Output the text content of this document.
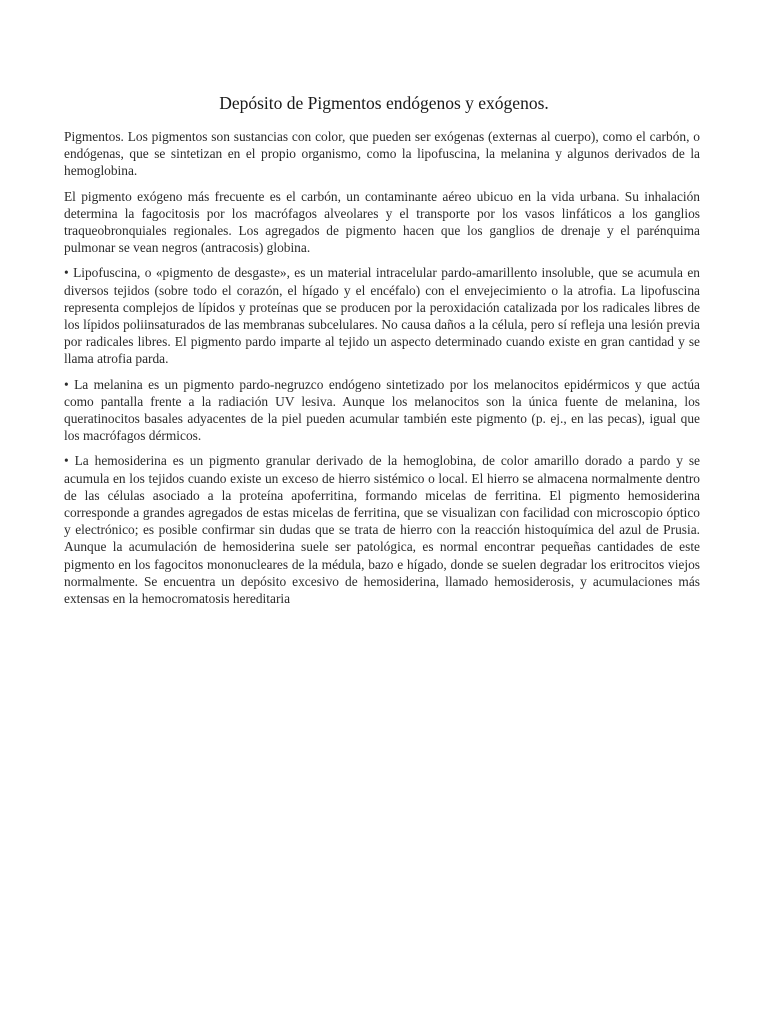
Depósito de Pigmentos endógenos y exógenos.

Pigmentos. Los pigmentos son sustancias con color, que pueden ser exógenas (externas al cuerpo), como el carbón, o endógenas, que se sintetizan en el propio organismo, como la lipofuscina, la melanina y algunos derivados de la hemoglobina.

El pigmento exógeno más frecuente es el carbón, un contaminante aéreo ubicuo en la vida urbana. Su inhalación determina la fagocitosis por los macrófagos alveolares y el transporte por los vasos linfáticos a los ganglios traqueobronquiales regionales. Los agregados de pigmento hacen que los ganglios de drenaje y el parénquima pulmonar se vean negros (antracosis) globina.

• Lipofuscina, o «pigmento de desgaste», es un material intracelular pardo-amarillento insoluble, que se acumula en diversos tejidos (sobre todo el corazón, el hígado y el encéfalo) con el envejecimiento o la atrofia. La lipofuscina representa complejos de lípidos y proteínas que se producen por la peroxidación catalizada por los radicales libres de los lípidos poliinsaturados de las membranas subcelulares. No causa daños a la célula, pero sí refleja una lesión previa por radicales libres. El pigmento pardo imparte al tejido un aspecto determinado cuando existe en gran cantidad y se llama atrofia parda.

• La melanina es un pigmento pardo-negruzco endógeno sintetizado por los melanocitos epidérmicos y que actúa como pantalla frente a la radiación UV lesiva. Aunque los melanocitos son la única fuente de melanina, los queratinocitos basales adyacentes de la piel pueden acumular también este pigmento (p. ej., en las pecas), igual que los macrófagos dérmicos.

• La hemosiderina es un pigmento granular derivado de la hemoglobina, de color amarillo dorado a pardo y se acumula en los tejidos cuando existe un exceso de hierro sistémico o local. El hierro se almacena normalmente dentro de las células asociado a la proteína apoferritina, formando micelas de ferritina. El pigmento hemosiderina corresponde a grandes agregados de estas micelas de ferritina, que se visualizan con facilidad con microscopio óptico y electrónico; es posible confirmar sin dudas que se trata de hierro con la reacción histoquímica del azul de Prusia. Aunque la acumulación de hemosiderina suele ser patológica, es normal encontrar pequeñas cantidades de este pigmento en los fagocitos mononucleares de la médula, bazo e hígado, donde se suelen degradar los eritrocitos viejos normalmente. Se encuentra un depósito excesivo de hemosiderina, llamado hemosiderosis, y acumulaciones más extensas en la hemocromatosis hereditaria
